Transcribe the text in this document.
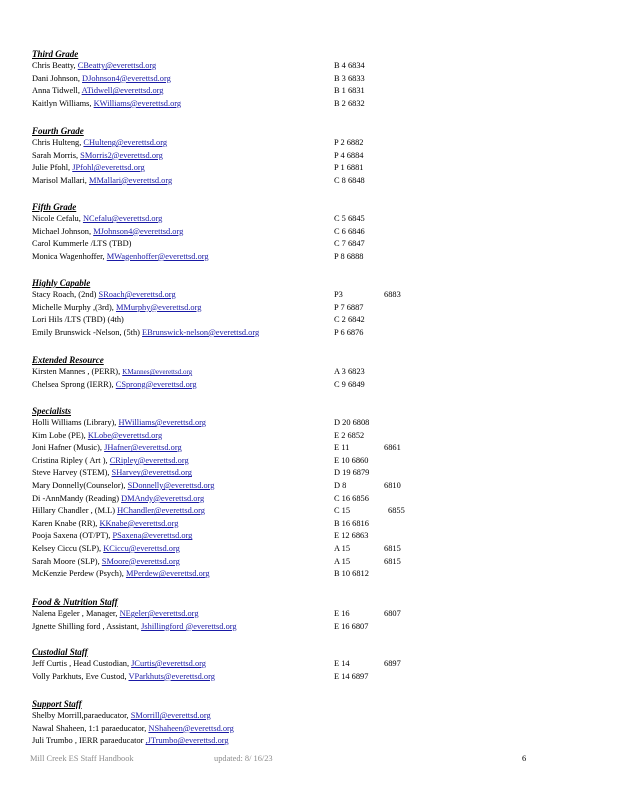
Third Grade
Chris Beatty, CBeatty@everettsd.org	B 4 6834
Dani Johnson, DJohnson4@everettsd.org	B 3 6833
Anna Tidwell, ATidwell@everettsd.org	B 1 6831
Kaitlyn Williams, KWilliams@everettsd.org	B 2 6832
Fourth Grade
Chris Hulteng, CHulteng@everettsd.org	P 2 6882
Sarah Morris, SMorris2@everettsd.org	P 4 6884
Julie Pfohl, JPfohl@everettsd.org	P 1 6881
Marisol Mallari, MMallari@everettsd.org	C 8 6848
Fifth Grade
Nicole Cefalu, NCefalu@everettsd.org	C 5 6845
Michael Johnson, MJohnson4@everettsd.org	C 6 6846
Carol Kummerle /LTS (TBD)	C 7 6847
Monica Wagenhoffer, MWagenhoffer@everettsd.org	P 8 6888
Highly Capable
Stacy Roach, (2nd) SRoach@everettsd.org	P3	6883
Michelle Murphy ,(3rd), MMurphy@everettsd.org	P 7 6887
Lori Hils /LTS (TBD) (4th)	C 2 6842
Emily Brunswick -Nelson, (5th) EBrunswick-nelson@everettsd.org	P 6 6876
Extended Resource
Kirsten Mannes , (PERR), KMannes@everettsd.org	A 3 6823
Chelsea Sprong (IERR), CSprong@everettsd.org	C 9 6849
Specialists
Holli Williams (Library), HWilliams@everettsd.org	D 20 6808
Kim Lobe (PE), KLobe@everettsd.org	E 2 6852
Joni Hafner (Music), JHafner@everettsd.org	E 11	6861
Cristina Ripley ( Art ), CRipley@everettsd.org	E 10 6860
Steve Harvey (STEM), SHarvey@everettsd.org	D 19 6879
Mary Donnelly(Counselor), SDonnelly@everettsd.org	D 8	6810
Di -AnnMandy (Reading) DMAndy@everettsd.org	C 16 6856
Hillary Chandler , (M.L) HChandler@everettsd.org	C 15	6855
Karen Knabe (RR), KKnabe@everettsd.org	B 16 6816
Pooja Saxena (OT/PT), PSaxena@everettsd.org	E 12 6863
Kelsey Ciccu (SLP), KCiccu@everettsd.org	A 15	6815
Sarah Moore (SLP), SMoore@everettsd.org	A 15	6815
McKenzie Perdew (Psych), MPerdew@everettsd.org	B 10 6812
Food & Nutrition Staff
Nalena Egeler , Manager, NEgeler@everettsd.org	E 16	6807
Jgnette Shilling ford , Assistant, Jshillingford @everettsd.org	E 16 6807
Custodial Staff
Jeff Curtis , Head Custodian, JCurtis@everettsd.org	E 14	6897
Volly Parkhuts, Eve Custod, VParkhuts@everettsd.org	E 14 6897
Support Staff
Shelby Morrill,paraeducator, SMorrill@everettsd.org
Nawal Shaheen, 1:1 paraeducator, NShaheen@everettsd.org
Juli Trumbo , IERR paraeducator ,JTrumbo@everettsd.org
Mill Creek ES Staff Handbook	updated: 8/ 16/23	6
